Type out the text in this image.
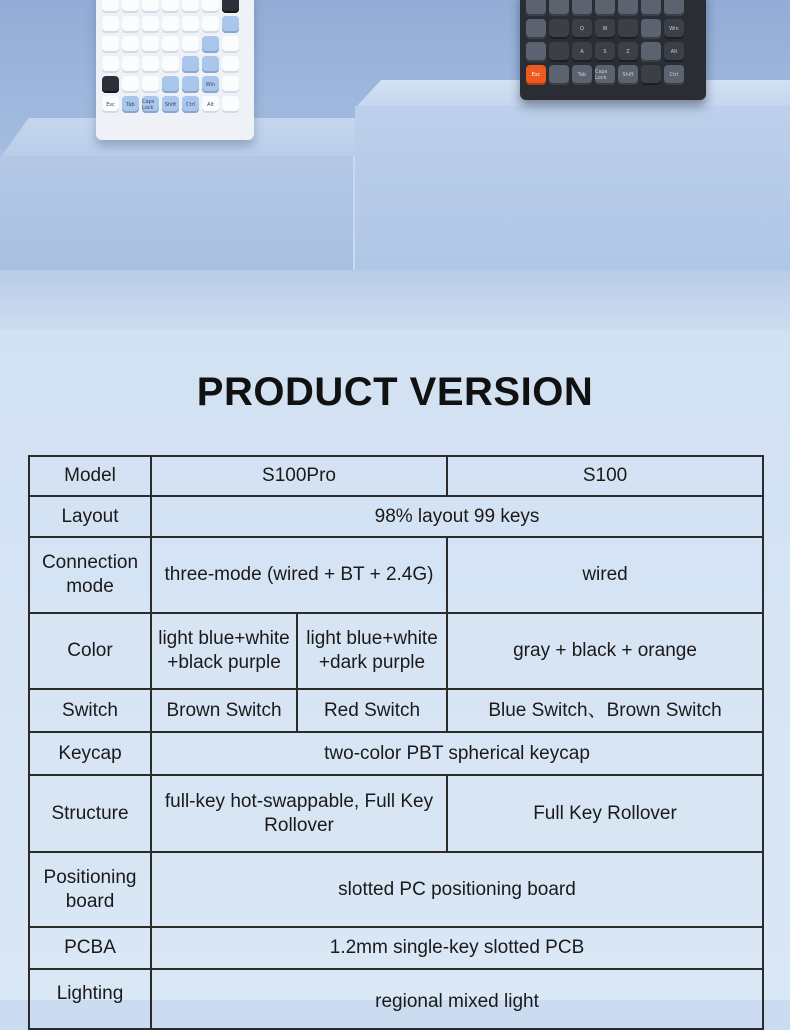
Win
Esc	Tab	Caps Lock	Shift	Ctrl	Alt
Q	W	Win
A	S	Z	Alt
Esc	Tab	Caps Lock	Shift	Ctrl
PRODUCT VERSION
Model	S100Pro		S100
Layout	98% layout 99 keys		
Connection mode	three-mode (wired + BT + 2.4G)		wired
Color	light blue+white +black purple	light blue+white +dark purple	gray + black + orange
Switch	Brown Switch	Red Switch	Blue Switch、Brown Switch
Keycap	two-color PBT spherical keycap		
Structure	full-key hot-swappable, Full Key Rollover		Full Key Rollover
Positioning board	slotted PC positioning board		
PCBA	1.2mm single-key slotted PCB		
Lighting	regional mixed light		
